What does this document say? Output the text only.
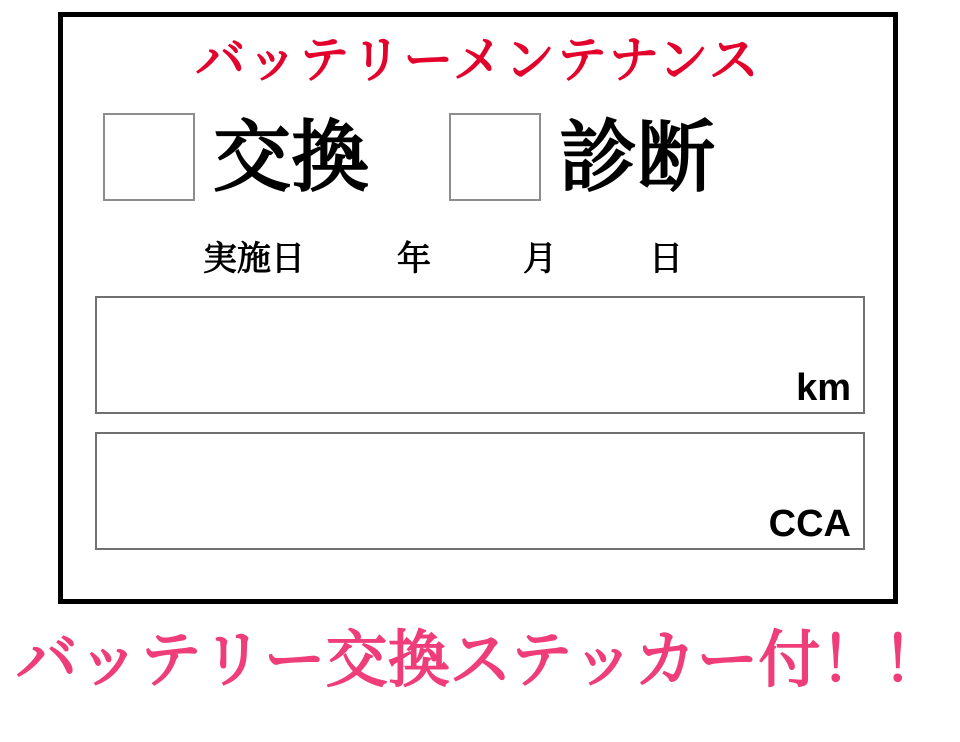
バッテリーメンテナンス
交換 診断
実施日	年	月	日
km
CCA
バッテリー交換ステッカー付！！
